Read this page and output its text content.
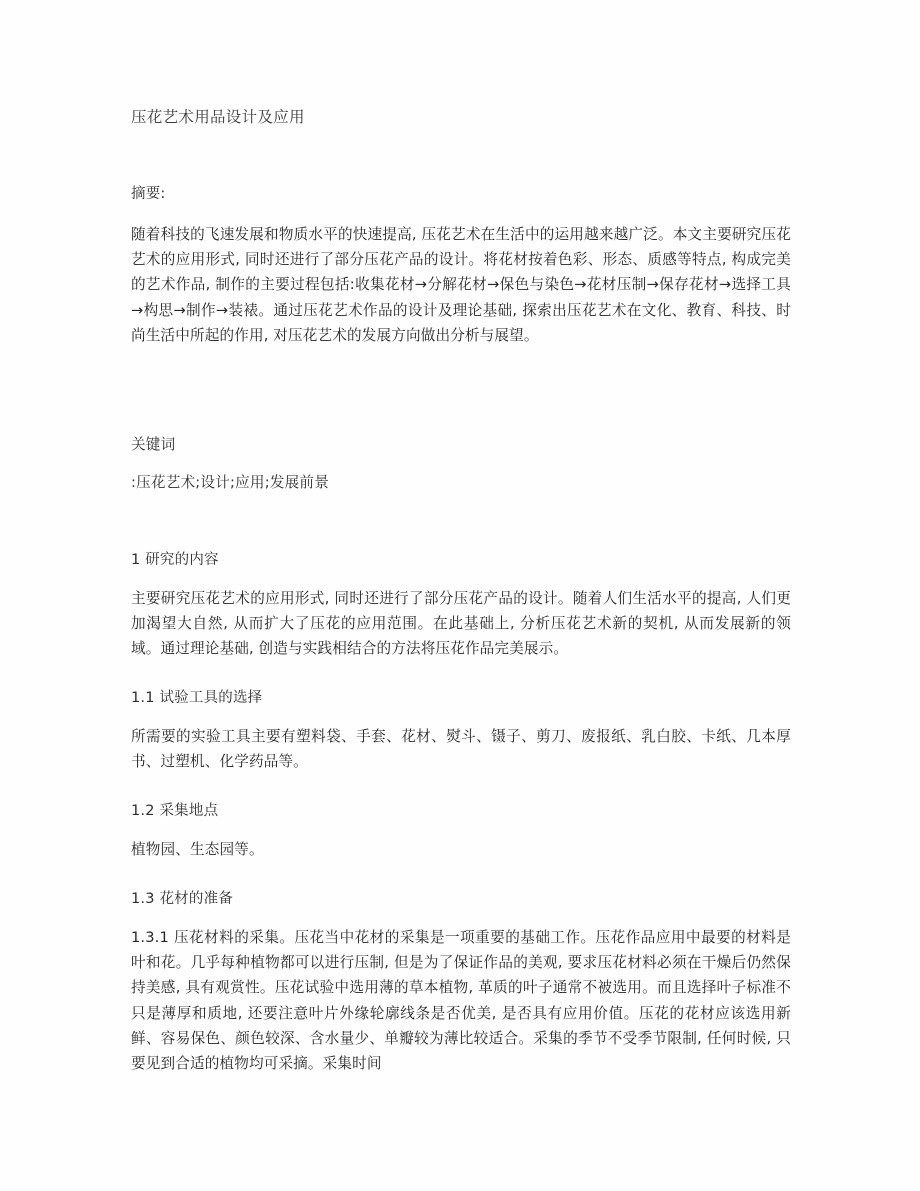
压花艺术用品设计及应用
摘要:
随着科技的飞速发展和物质水平的快速提高, 压花艺术在生活中的运用越来越广泛。本文主要研究压花艺术的应用形式, 同时还进行了部分压花产品的设计。将花材按着色彩、形态、质感等特点, 构成完美的艺术作品, 制作的主要过程包括:收集花材→分解花材→保色与染色→花材压制→保存花材→选择工具→构思→制作→装裱。通过压花艺术作品的设计及理论基础, 探索出压花艺术在文化、教育、科技、时尚生活中所起的作用, 对压花艺术的发展方向做出分析与展望。
关键词
:压花艺术;设计;应用;发展前景
1 研究的内容
主要研究压花艺术的应用形式, 同时还进行了部分压花产品的设计。随着人们生活水平的提高, 人们更加渴望大自然, 从而扩大了压花的应用范围。在此基础上, 分析压花艺术新的契机, 从而发展新的领域。通过理论基础, 创造与实践相结合的方法将压花作品完美展示。
1.1 试验工具的选择
所需要的实验工具主要有塑料袋、手套、花材、熨斗、镊子、剪刀、废报纸、乳白胶、卡纸、几本厚书、过塑机、化学药品等。
1.2 采集地点
植物园、生态园等。
1.3 花材的准备
1.3.1 压花材料的采集。压花当中花材的采集是一项重要的基础工作。压花作品应用中最要的材料是叶和花。几乎每种植物都可以进行压制, 但是为了保证作品的美观, 要求压花材料必须在干燥后仍然保持美感, 具有观赏性。压花试验中选用薄的草本植物, 革质的叶子通常不被选用。而且选择叶子标准不只是薄厚和质地, 还要注意叶片外缘轮廓线条是否优美, 是否具有应用价值。压花的花材应该选用新鲜、容易保色、颜色较深、含水量少、单瓣较为薄比较适合。采集的季节不受季节限制, 任何时候, 只要见到合适的植物均可采摘。采集时间
